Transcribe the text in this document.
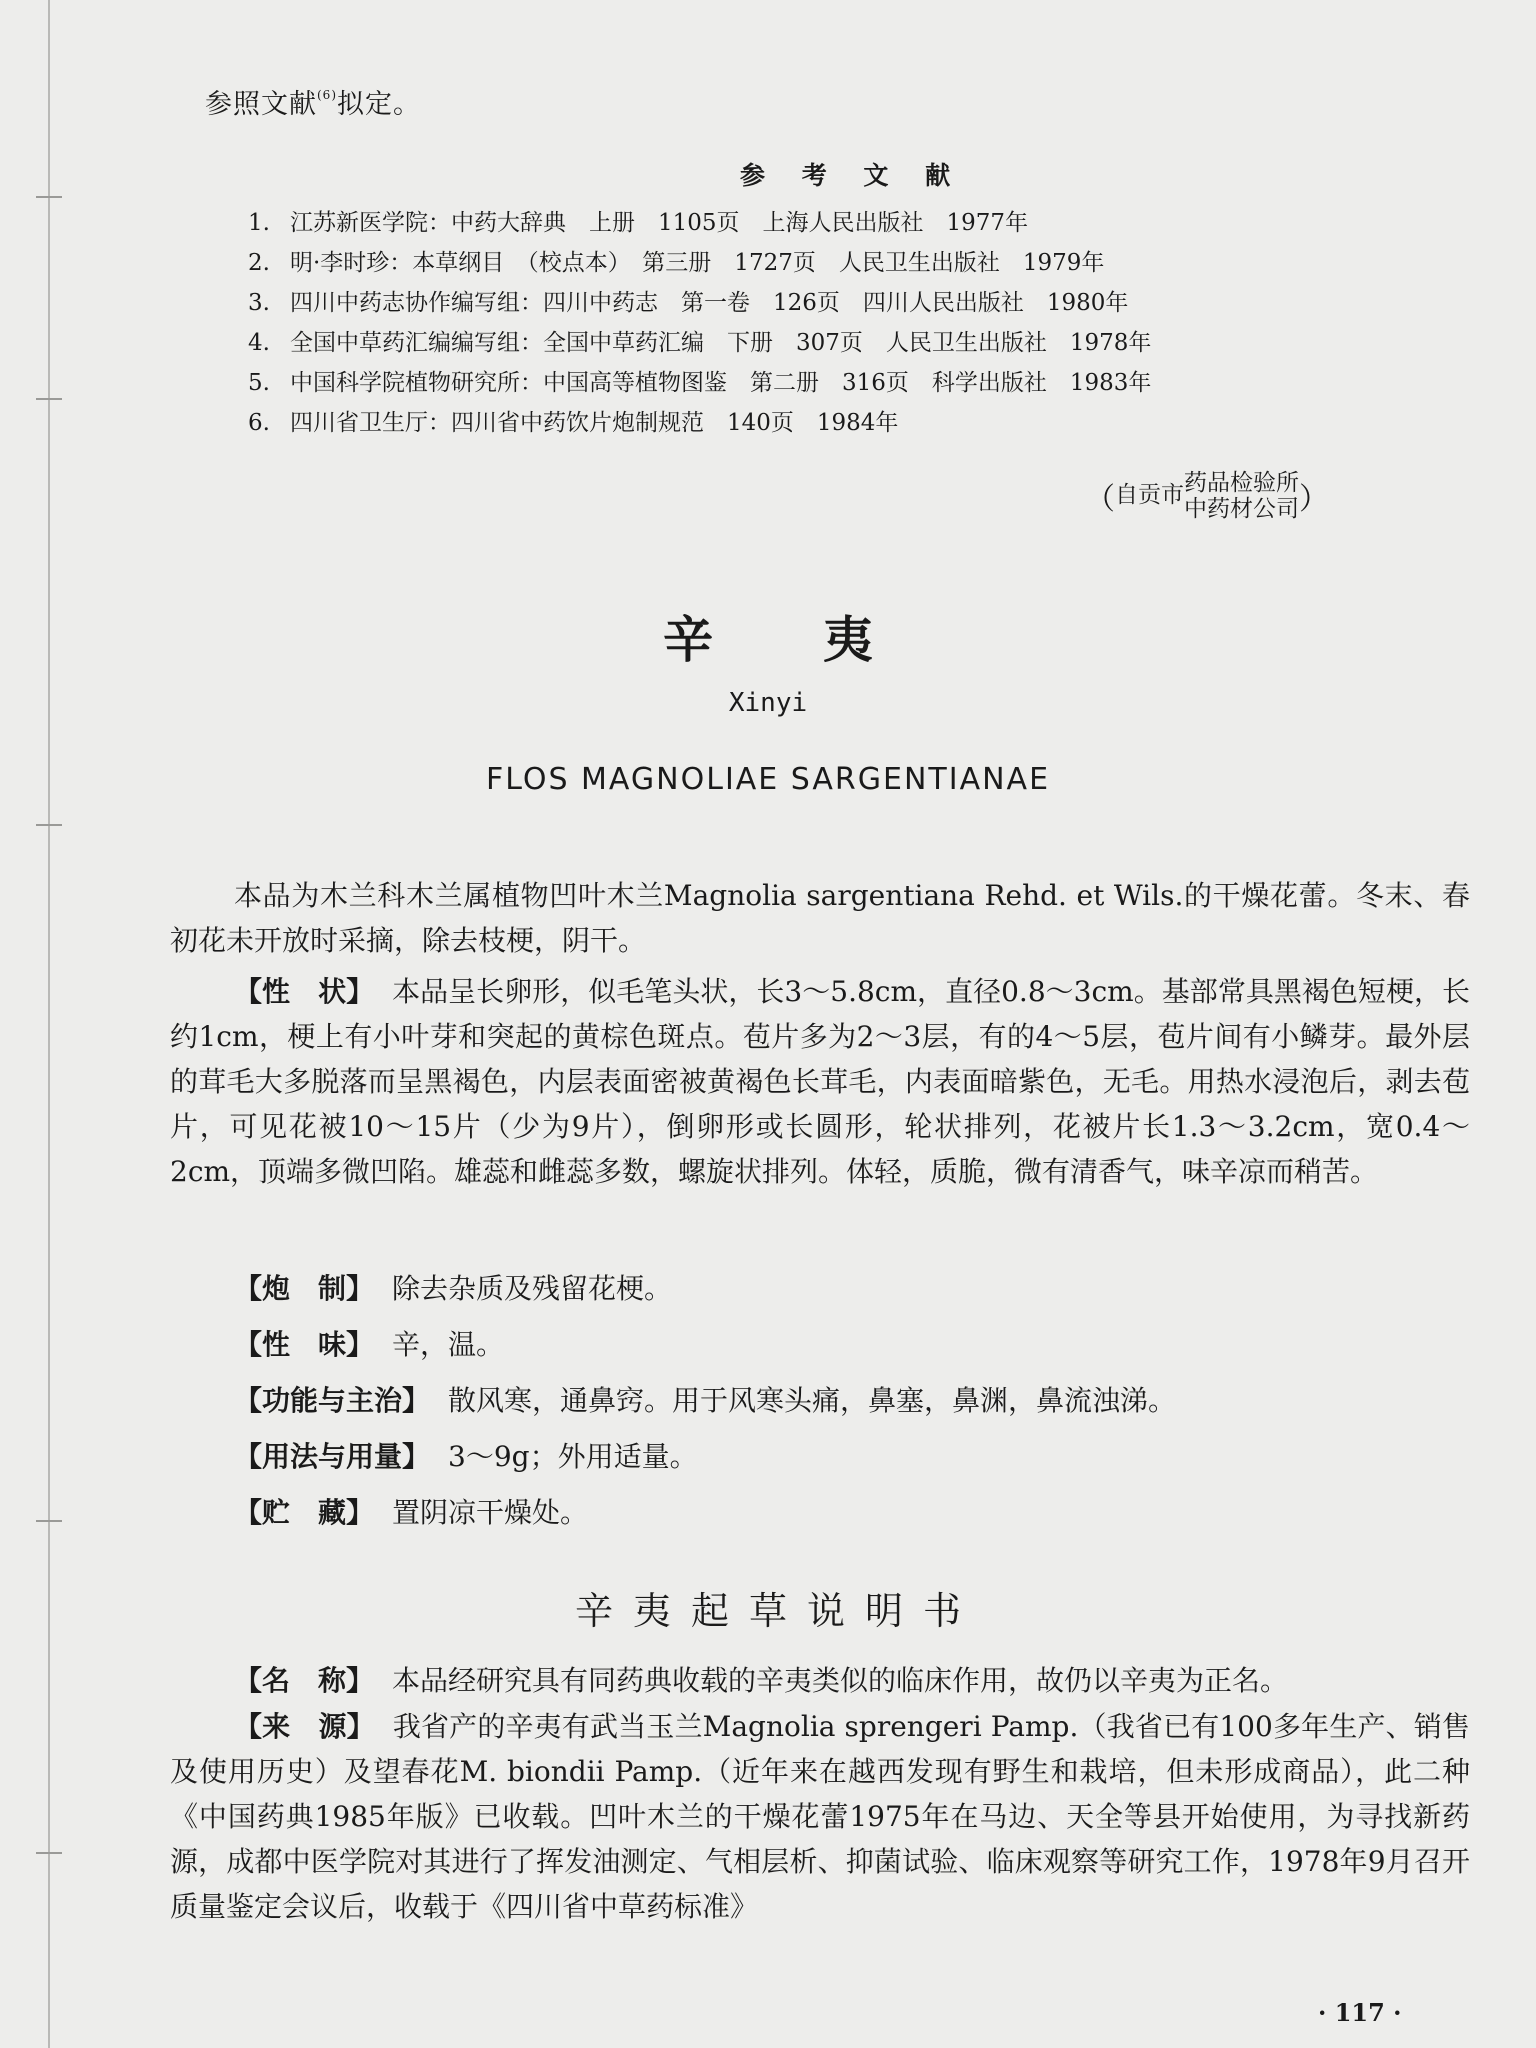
参照文献$^{(6)}$拟定。
参 考 文 献
1. 江苏新医学院：中药大辞典　上册　1105页　上海人民出版社　1977年
2. 明·李时珍：本草纲目　（校点本）　第三册　1727页　人民卫生出版社　1979年
3. 四川中药志协作编写组：四川中药志　第一卷　126页　四川人民出版社　1980年
4. 全国中草药汇编编写组：全国中草药汇编　下册　307页　人民卫生出版社　1978年
5. 中国科学院植物研究所：中国高等植物图鉴　第二册　316页　科学出版社　1983年
6. 四川省卫生厅：四川省中药饮片炮制规范　140页　1984年
（自贡市药品检验所
中药材公司）
辛夷
Xinyi
FLOS MAGNOLIAE SARGENTIANAE

本品为木兰科木兰属植物凹叶木兰Magnolia sargentiana Rehd. et Wils.的干燥花蕾。冬末、春初花未开放时采摘，除去枝梗，阴干。

【性　状】 本品呈长卵形，似毛笔头状，长3～5.8cm，直径0.8～3cm。基部常具黑褐色短梗，长约1cm，梗上有小叶芽和突起的黄棕色斑点。苞片多为2～3层，有的4～5层，苞片间有小鳞芽。最外层的茸毛大多脱落而呈黑褐色，内层表面密被黄褐色长茸毛，内表面暗紫色，无毛。用热水浸泡后，剥去苞片，可见花被10～15片（少为9片），倒卵形或长圆形，轮状排列，花被片长1.3～3.2cm，宽0.4～2cm，顶端多微凹陷。雄蕊和雌蕊多数，螺旋状排列。体轻，质脆，微有清香气，味辛凉而稍苦。

【炮　制】 除去杂质及残留花梗。
【性　味】 辛，温。
【功能与主治】 散风寒，通鼻窍。用于风寒头痛，鼻塞，鼻渊，鼻流浊涕。
【用法与用量】 3～9g；外用适量。
【贮　藏】 置阴凉干燥处。
辛夷起草说明书

【名　称】 本品经研究具有同药典收载的辛夷类似的临床作用，故仍以辛夷为正名。

【来　源】 我省产的辛夷有武当玉兰Magnolia sprengeri Pamp.（我省已有100多年生产、销售及使用历史）及望春花M. biondii Pamp.（近年来在越西发现有野生和栽培，但未形成商品），此二种《中国药典1985年版》已收载。凹叶木兰的干燥花蕾1975年在马边、天全等县开始使用，为寻找新药源，成都中医学院对其进行了挥发油测定、气相层析、抑菌试验、临床观察等研究工作，1978年9月召开质量鉴定会议后，收载于《四川省中草药标准》

· 117 ·
